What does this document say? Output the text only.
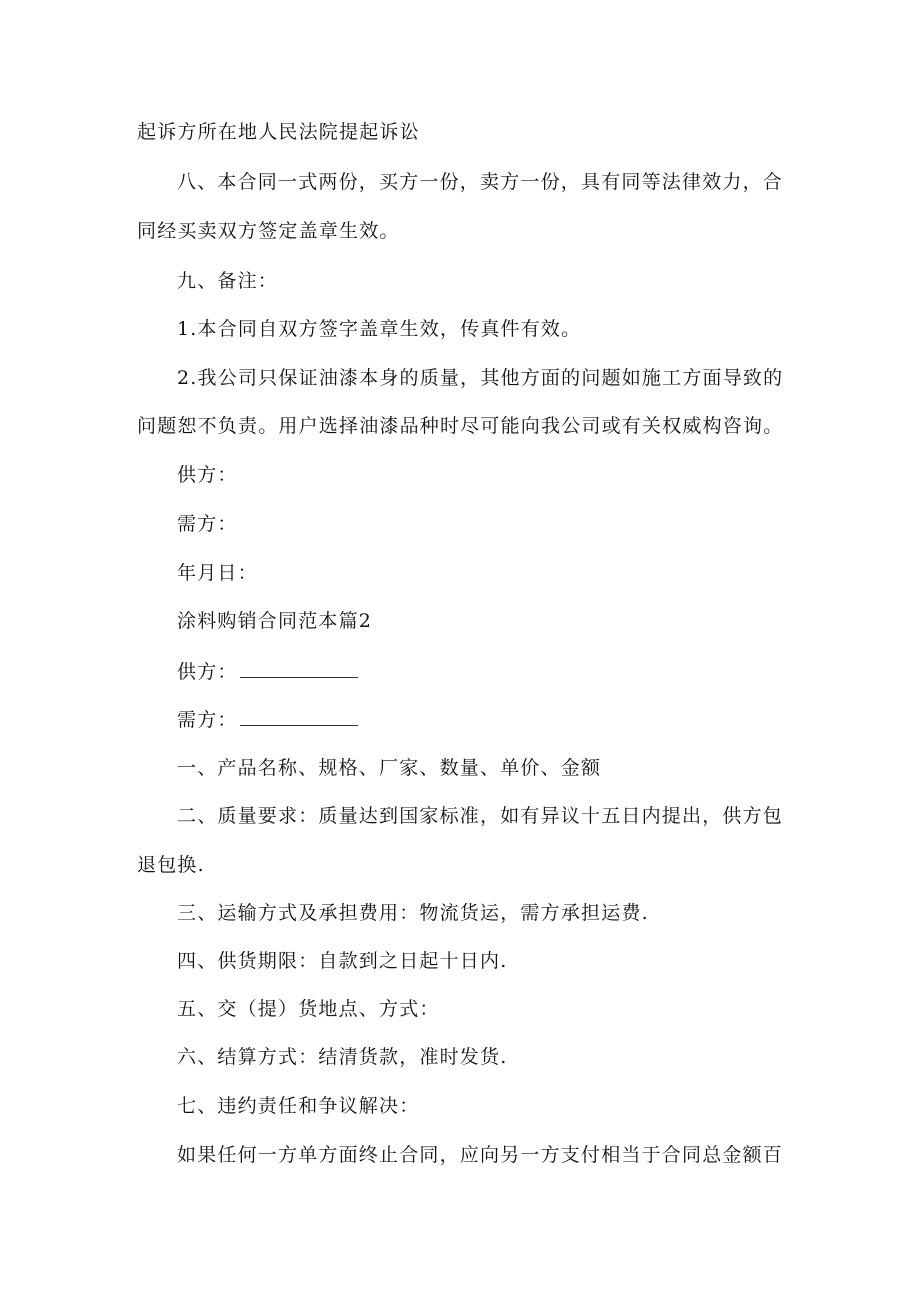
起诉方所在地人民法院提起诉讼
八、本合同一式两份，买方一份，卖方一份，具有同等法律效力，合
同经买卖双方签定盖章生效。
九、备注：
1.本合同自双方签字盖章生效，传真件有效。
2.我公司只保证油漆本身的质量，其他方面的问题如施工方面导致的
问题恕不负责。用户选择油漆品种时尽可能向我公司或有关权威构咨询。
供方：
需方：
年月日：
涂料购销合同范本篇2
供方：
需方：
一、产品名称、规格、厂家、数量、单价、金额
二、质量要求：质量达到国家标准，如有异议十五日内提出，供方包
退包换.
三、运输方式及承担费用：物流货运，需方承担运费.
四、供货期限：自款到之日起十日内.
五、交（提）货地点、方式：
六、结算方式：结清货款，准时发货.
七、违约责任和争议解决：
如果任何一方单方面终止合同，应向另一方支付相当于合同总金额百
